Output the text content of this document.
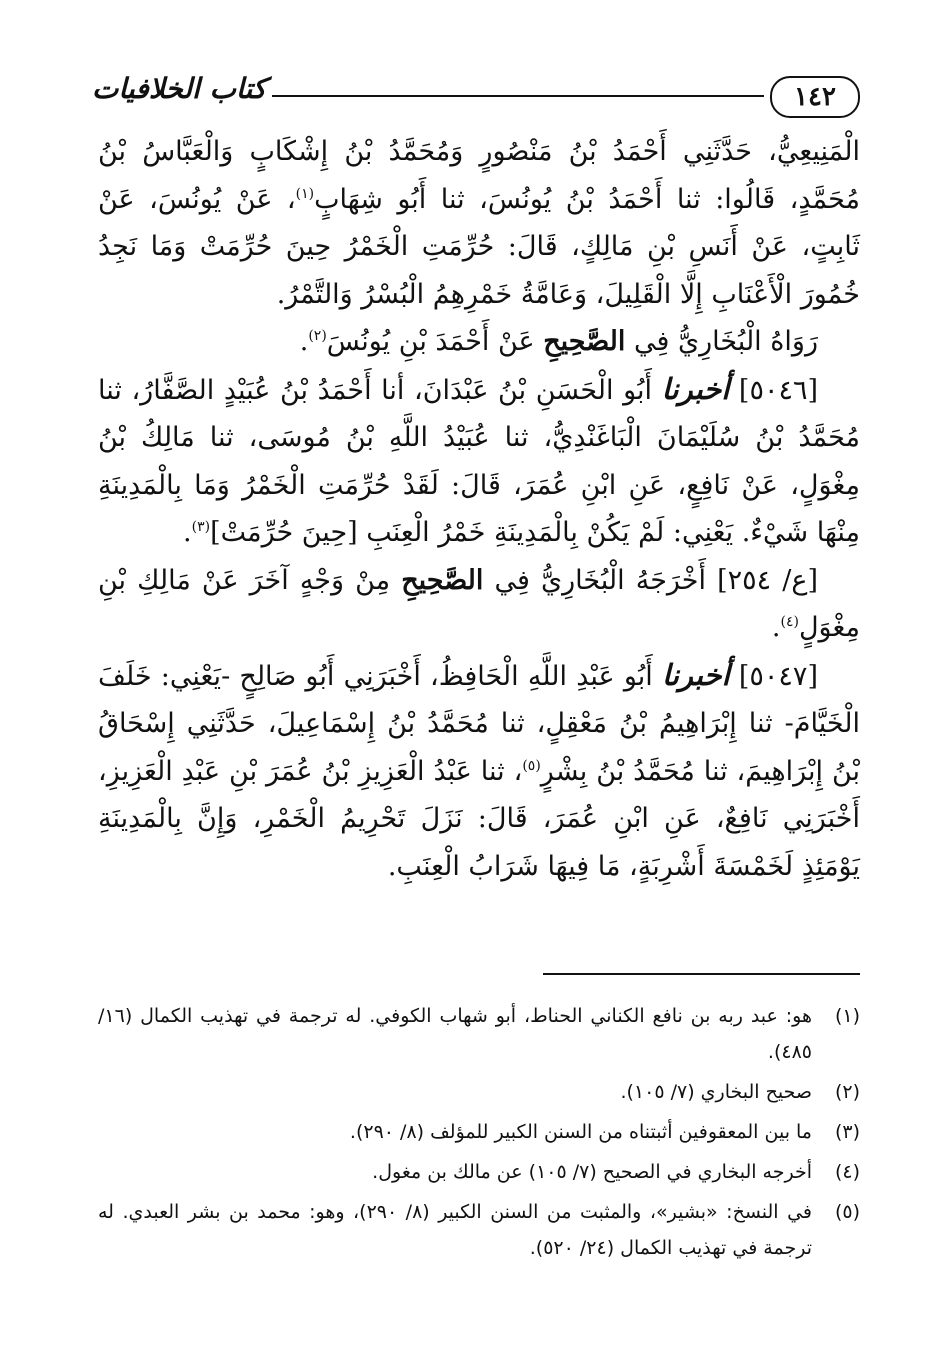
١٤٢
كتاب الخلافيات

الْمَنِيعِيُّ، حَدَّثَنِي أَحْمَدُ بْنُ مَنْصُورٍ وَمُحَمَّدُ بْنُ إِشْكَابٍ وَالْعَبَّاسُ بْنُ مُحَمَّدٍ، قَالُوا: ثنا أَحْمَدُ بْنُ يُونُسَ، ثنا أَبُو شِهَابٍ$^{(١)}$، عَنْ يُونُسَ، عَنْ ثَابِتٍ، عَنْ أَنَسِ بْنِ مَالِكٍ، قَالَ: حُرِّمَتِ الْخَمْرُ حِينَ حُرِّمَتْ وَمَا نَجِدُ خُمُورَ الْأَعْنَابِ إِلَّا الْقَلِيلَ، وَعَامَّةُ خَمْرِهِمُ الْبُسْرُ وَالتَّمْرُ.

رَوَاهُ الْبُخَارِيُّ فِي الصَّحِيحِ عَنْ أَحْمَدَ بْنِ يُونُسَ$^{(٢)}$.

[٥٠٤٦] أخبرنا أَبُو الْحَسَنِ بْنُ عَبْدَانَ، أنا أَحْمَدُ بْنُ عُبَيْدٍ الصَّفَّارُ، ثنا مُحَمَّدُ بْنُ سُلَيْمَانَ الْبَاغَنْدِيُّ، ثنا عُبَيْدُ اللَّهِ بْنُ مُوسَى، ثنا مَالِكُ بْنُ مِغْوَلٍ، عَنْ نَافِعٍ، عَنِ ابْنِ عُمَرَ، قَالَ: لَقَدْ حُرِّمَتِ الْخَمْرُ وَمَا بِالْمَدِينَةِ مِنْهَا شَيْءٌ. يَعْنِي: لَمْ يَكُنْ بِالْمَدِينَةِ خَمْرُ الْعِنَبِ [حِينَ حُرِّمَتْ]$^{(٣)}$.

[ع/ ٢٥٤] أَخْرَجَهُ الْبُخَارِيُّ فِي الصَّحِيحِ مِنْ وَجْهٍ آخَرَ عَنْ مَالِكِ بْنِ مِغْوَلٍ$^{(٤)}$.

[٥٠٤٧] أخبرنا أَبُو عَبْدِ اللَّهِ الْحَافِظُ، أَخْبَرَنِي أَبُو صَالِحٍ -يَعْنِي: خَلَفَ الْخَيَّامَ- ثنا إِبْرَاهِيمُ بْنُ مَعْقِلٍ، ثنا مُحَمَّدُ بْنُ إِسْمَاعِيلَ، حَدَّثَنِي إِسْحَاقُ بْنُ إِبْرَاهِيمَ، ثنا مُحَمَّدُ بْنُ بِشْرٍ$^{(٥)}$، ثنا عَبْدُ الْعَزِيزِ بْنُ عُمَرَ بْنِ عَبْدِ الْعَزِيزِ، أَخْبَرَنِي نَافِعٌ، عَنِ ابْنِ عُمَرَ، قَالَ: نَزَلَ تَحْرِيمُ الْخَمْرِ، وَإِنَّ بِالْمَدِينَةِ يَوْمَئِذٍ لَخَمْسَةَ أَشْرِبَةٍ، مَا فِيهَا شَرَابُ الْعِنَبِ.

(١)
هو: عبد ربه بن نافع الكناني الحناط، أبو شهاب الكوفي. له ترجمة في تهذيب الكمال (١٦/ ٤٨٥).
(٢)
صحيح البخاري (٧/ ١٠٥).
(٣)
ما بين المعقوفين أثبتناه من السنن الكبير للمؤلف (٨/ ٢٩٠).
(٤)
أخرجه البخاري في الصحيح (٧/ ١٠٥) عن مالك بن مغول.
(٥)
في النسخ: «بشير»، والمثبت من السنن الكبير (٨/ ٢٩٠)، وهو: محمد بن بشر العبدي. له ترجمة في تهذيب الكمال (٢٤/ ٥٢٠).
